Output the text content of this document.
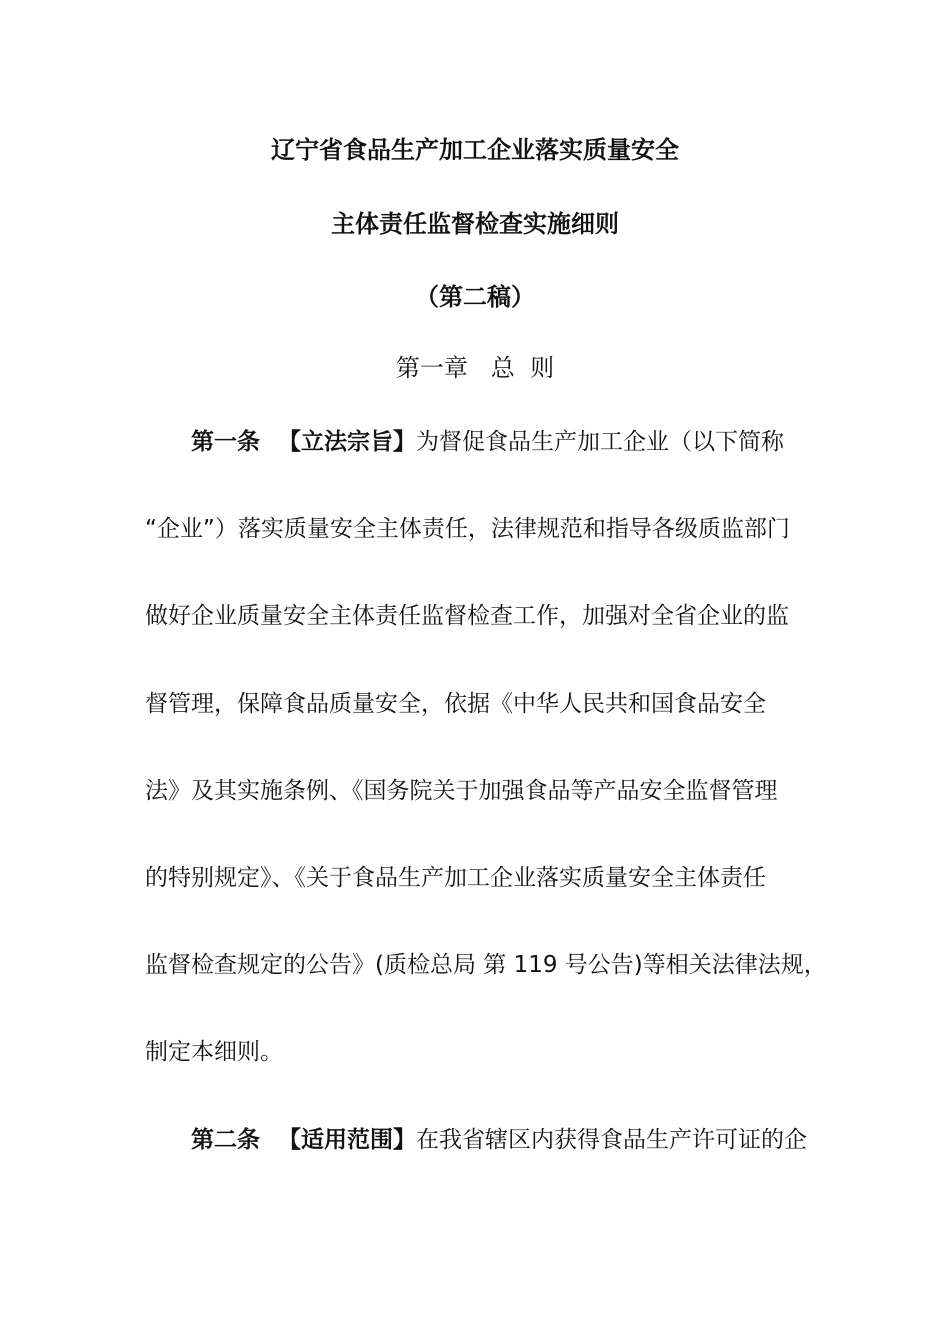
辽宁省食品生产加工企业落实质量安全
主体责任监督检查实施细则
（第二稿）
第一章   总  则
第一条 【立法宗旨】为督促食品生产加工企业（以下简称
“企业”）落实质量安全主体责任，法律规范和指导各级质监部门
做好企业质量安全主体责任监督检查工作，加强对全省企业的监
督管理，保障食品质量安全，依据《中华人民共和国食品安全
法》及其实施条例、《国务院关于加强食品等产品安全监督管理
的特别规定》、《关于食品生产加工企业落实质量安全主体责任
监督检查规定的公告》(质检总局 第 119 号公告)等相关法律法规，
制定本细则。
第二条 【适用范围】在我省辖区内获得食品生产许可证的企
